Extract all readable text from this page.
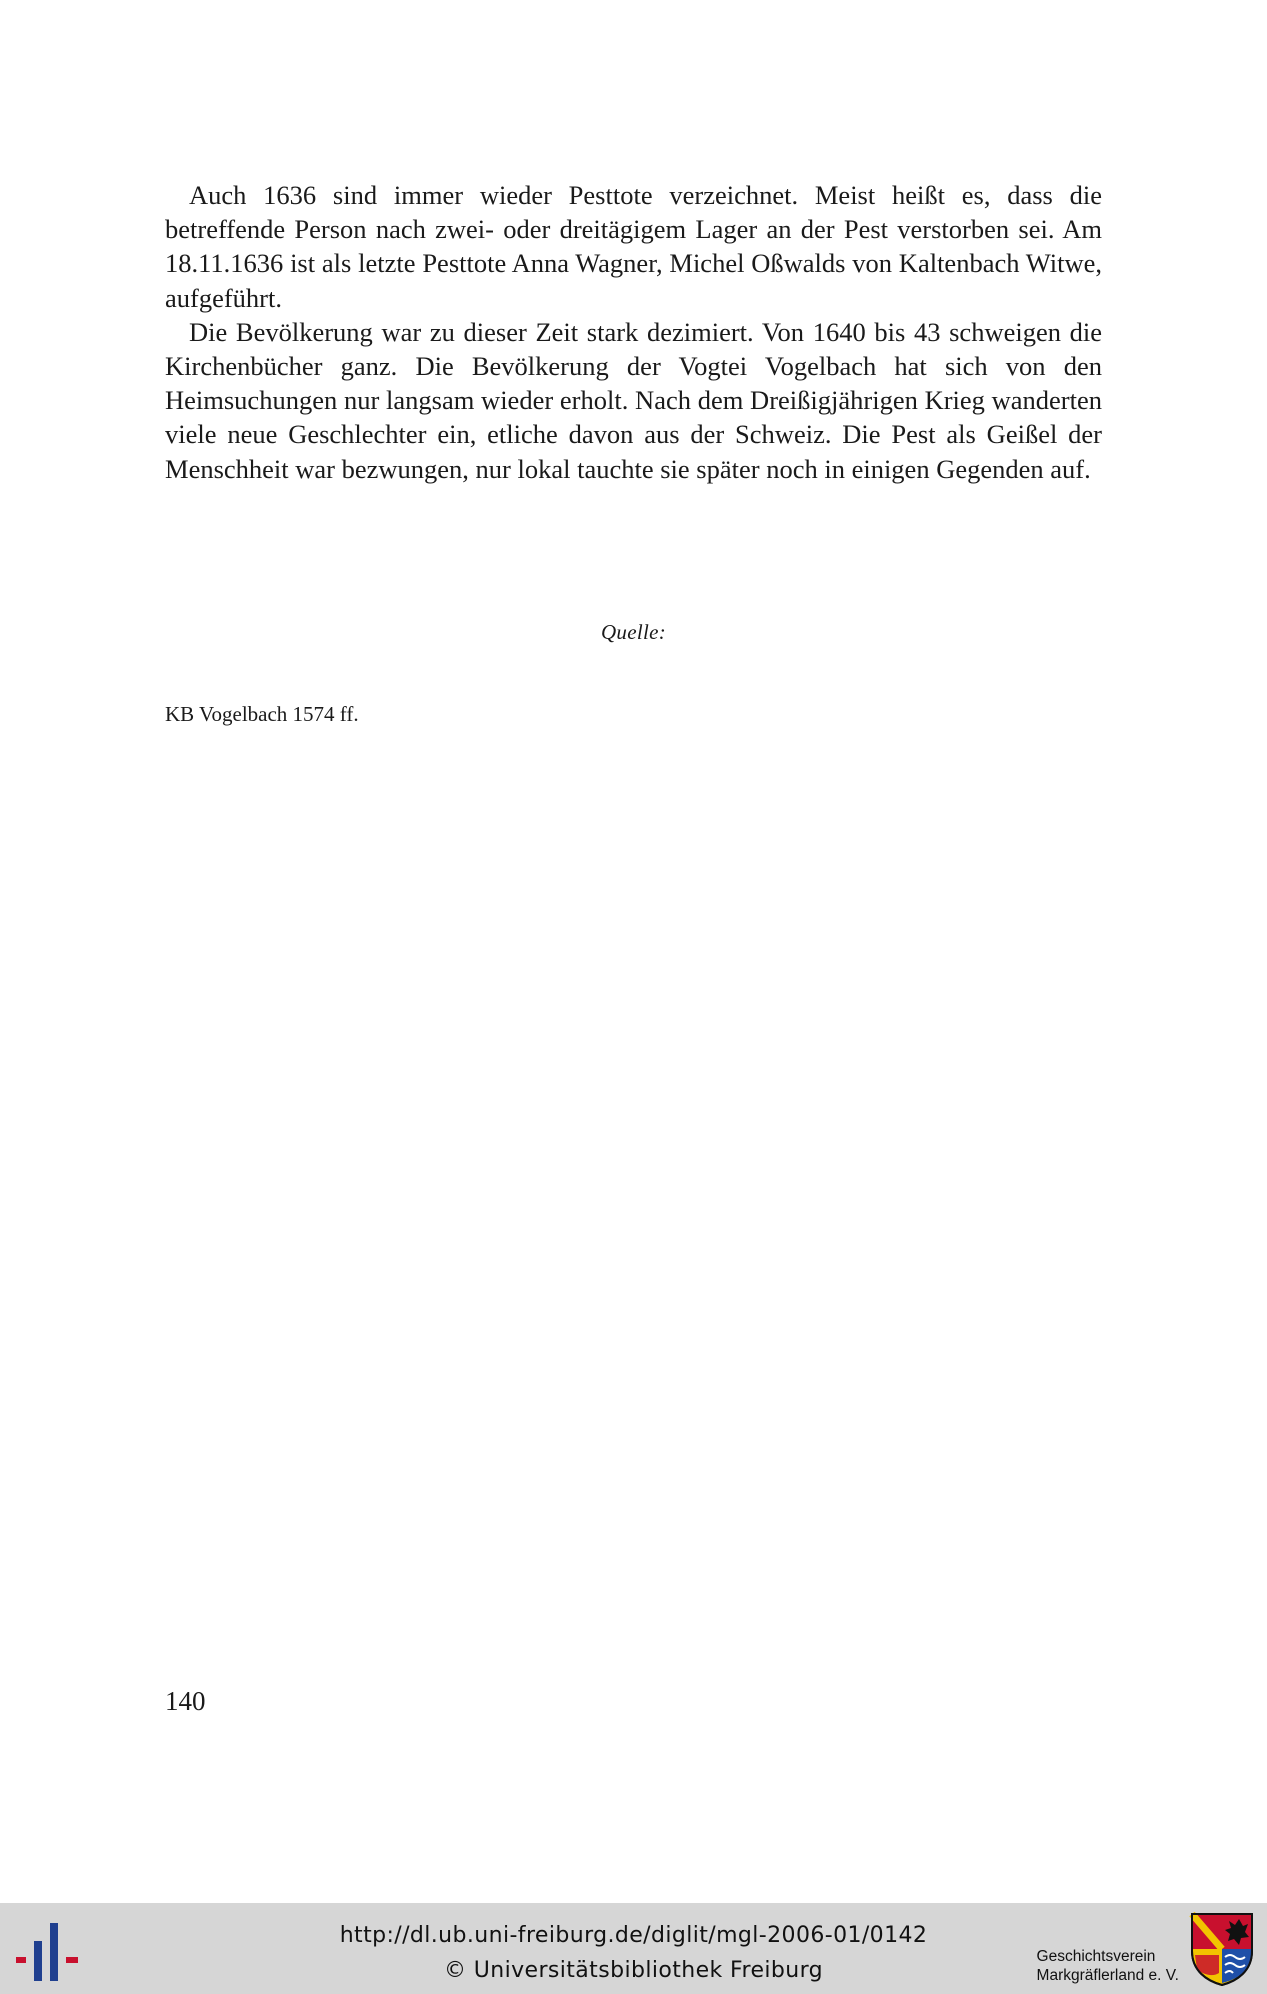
Auch 1636 sind immer wieder Pesttote verzeichnet. Meist heißt es, dass die betreffende Person nach zwei- oder dreitägigem Lager an der Pest verstorben sei. Am 18.11.1636 ist als letzte Pesttote Anna Wagner, Michel Oßwalds von Kaltenbach Witwe, aufgeführt.

Die Bevölkerung war zu dieser Zeit stark dezimiert. Von 1640 bis 43 schweigen die Kirchenbücher ganz. Die Bevölkerung der Vogtei Vogelbach hat sich von den Heimsuchungen nur langsam wieder erholt. Nach dem Dreißigjährigen Krieg wanderten viele neue Geschlechter ein, etliche davon aus der Schweiz. Die Pest als Geißel der Menschheit war bezwungen, nur lokal tauchte sie später noch in einigen Gegenden auf.

Quelle:
KB Vogelbach 1574 ff.
140
http://dl.ub.uni-freiburg.de/diglit/mgl-2006-01/0142
© Universitätsbibliothek Freiburg
Geschichtsverein
Markgräflerland e. V.
